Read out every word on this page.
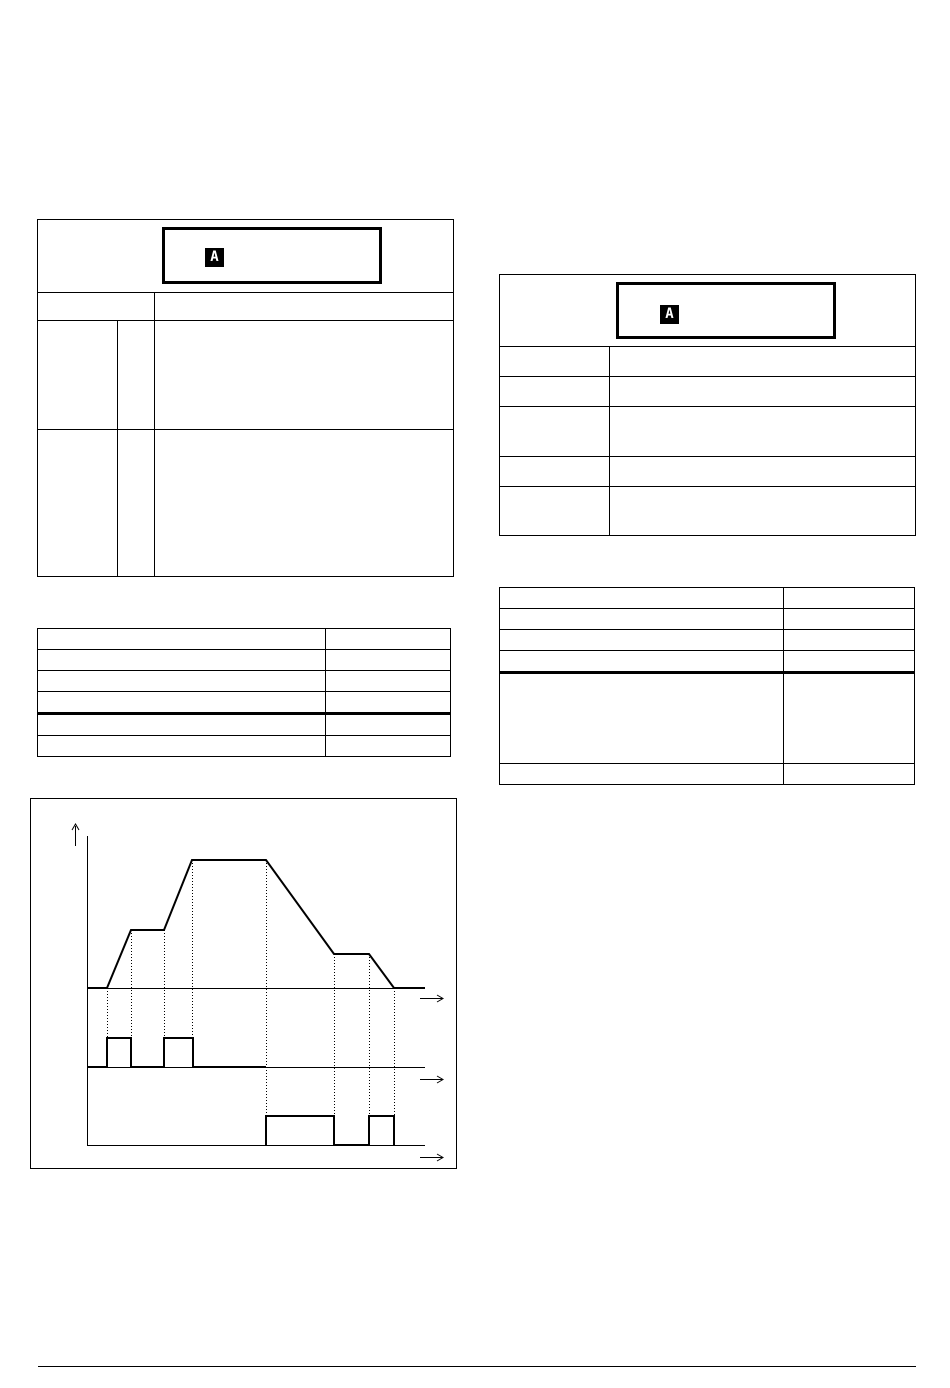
A

A
